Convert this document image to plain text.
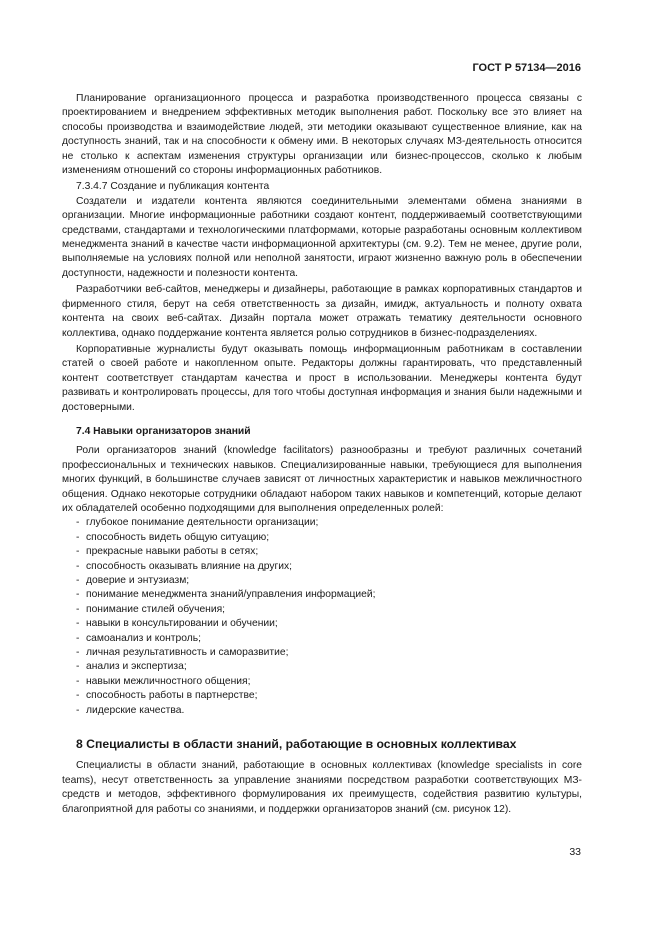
ГОСТ Р 57134—2016

Планирование организационного процесса и разработка производственного процесса связаны с проектированием и внедрением эффективных методик выполнения работ. Поскольку все это влияет на способы производства и взаимодействие людей, эти методики оказывают существенное влияние, как на доступность знаний, так и на способности к обмену ими. В некоторых случаях МЗ-деятельность относится не столько к аспектам изменения структуры организации или бизнес-процессов, сколько к любым изменениям отношений со стороны информационных работников.

7.3.4.7 Создание и публикация контента

Создатели и издатели контента являются соединительными элементами обмена знаниями в организации. Многие информационные работники создают контент, поддерживаемый соответствующими средствами, стандартами и технологическими платформами, которые разработаны основным коллективом менеджмента знаний в качестве части информационной архитектуры (см. 9.2). Тем не менее, другие роли, выполняемые на условиях полной или неполной занятости, играют жизненно важную роль в обеспечении доступности, надежности и полезности контента.

Разработчики веб-сайтов, менеджеры и дизайнеры, работающие в рамках корпоративных стандартов и фирменного стиля, берут на себя ответственность за дизайн, имидж, актуальность и полноту охвата контента на своих веб-сайтах. Дизайн портала может отражать тематику деятельности основного коллектива, однако поддержание контента является ролью сотрудников в бизнес-подразделениях.

Корпоративные журналисты будут оказывать помощь информационным работникам в составлении статей о своей работе и накопленном опыте. Редакторы должны гарантировать, что представленный контент соответствует стандартам качества и прост в использовании. Менеджеры контента будут развивать и контролировать процессы, для того чтобы доступная информация и знания были надежными и достоверными.

7.4 Навыки организаторов знаний

Роли организаторов знаний (knowledge facilitators) разнообразны и требуют различных сочетаний профессиональных и технических навыков. Специализированные навыки, требующиеся для выполнения многих функций, в большинстве случаев зависят от личностных характеристик и навыков межличностного общения. Однако некоторые сотрудники обладают набором таких навыков и компетенций, которые делают их обладателей особенно подходящими для выполнения определенных ролей:

- глубокое понимание деятельности организации;
- способность видеть общую ситуацию;
- прекрасные навыки работы в сетях;
- способность оказывать влияние на других;
- доверие и энтузиазм;
- понимание менеджмента знаний/управления информацией;
- понимание стилей обучения;
- навыки в консультировании и обучении;
- самоанализ и контроль;
- личная результативность и саморазвитие;
- анализ и экспертиза;
- навыки межличностного общения;
- способность работы в партнерстве;
- лидерские качества.
8 Специалисты в области знаний, работающие в основных коллективах

Специалисты в области знаний, работающие в основных коллективах (knowledge specialists in core teams), несут ответственность за управление знаниями посредством разработки соответствующих МЗ-средств и методов, эффективного формулирования их преимуществ, содействия развитию культуры, благоприятной для работы со знаниями, и поддержки организаторов знаний (см. рисунок 12).

33
